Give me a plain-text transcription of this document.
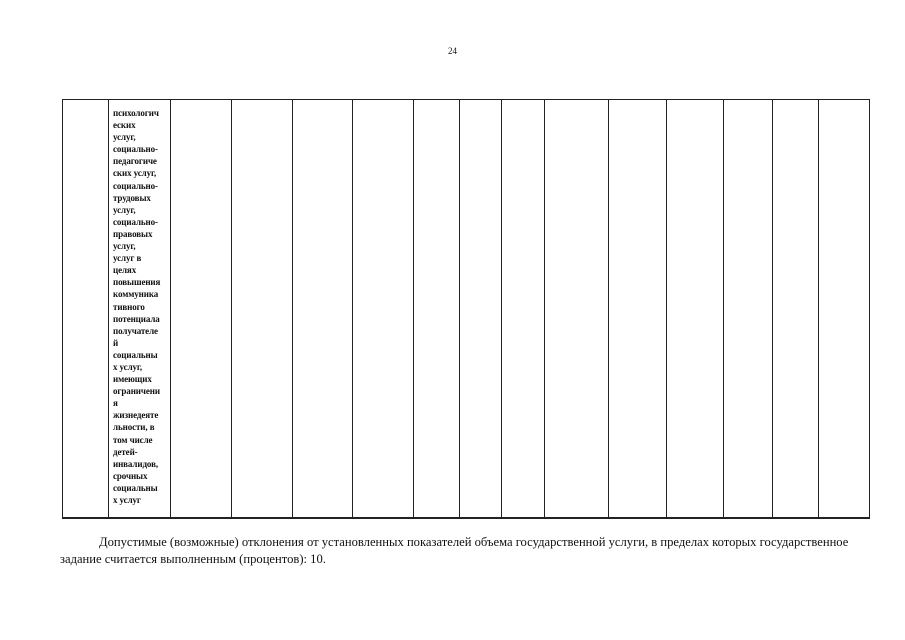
24
психологич
еских
услуг,
социально-
педагогиче
ских услуг,
социально-
трудовых
услуг,
социально-
правовых
услуг,
услуг в
целях
повышения
коммуника
тивного
потенциала
получателе
й
социальны
х услуг,
имеющих
ограничени
я
жизнедеяте
льности, в
том числе
детей-
инвалидов,
срочных
социальны
х услуг
Допустимые (возможные) отклонения от установленных показателей объема государственной услуги, в пределах которых государственное задание считается выполненным (процентов): 10.
